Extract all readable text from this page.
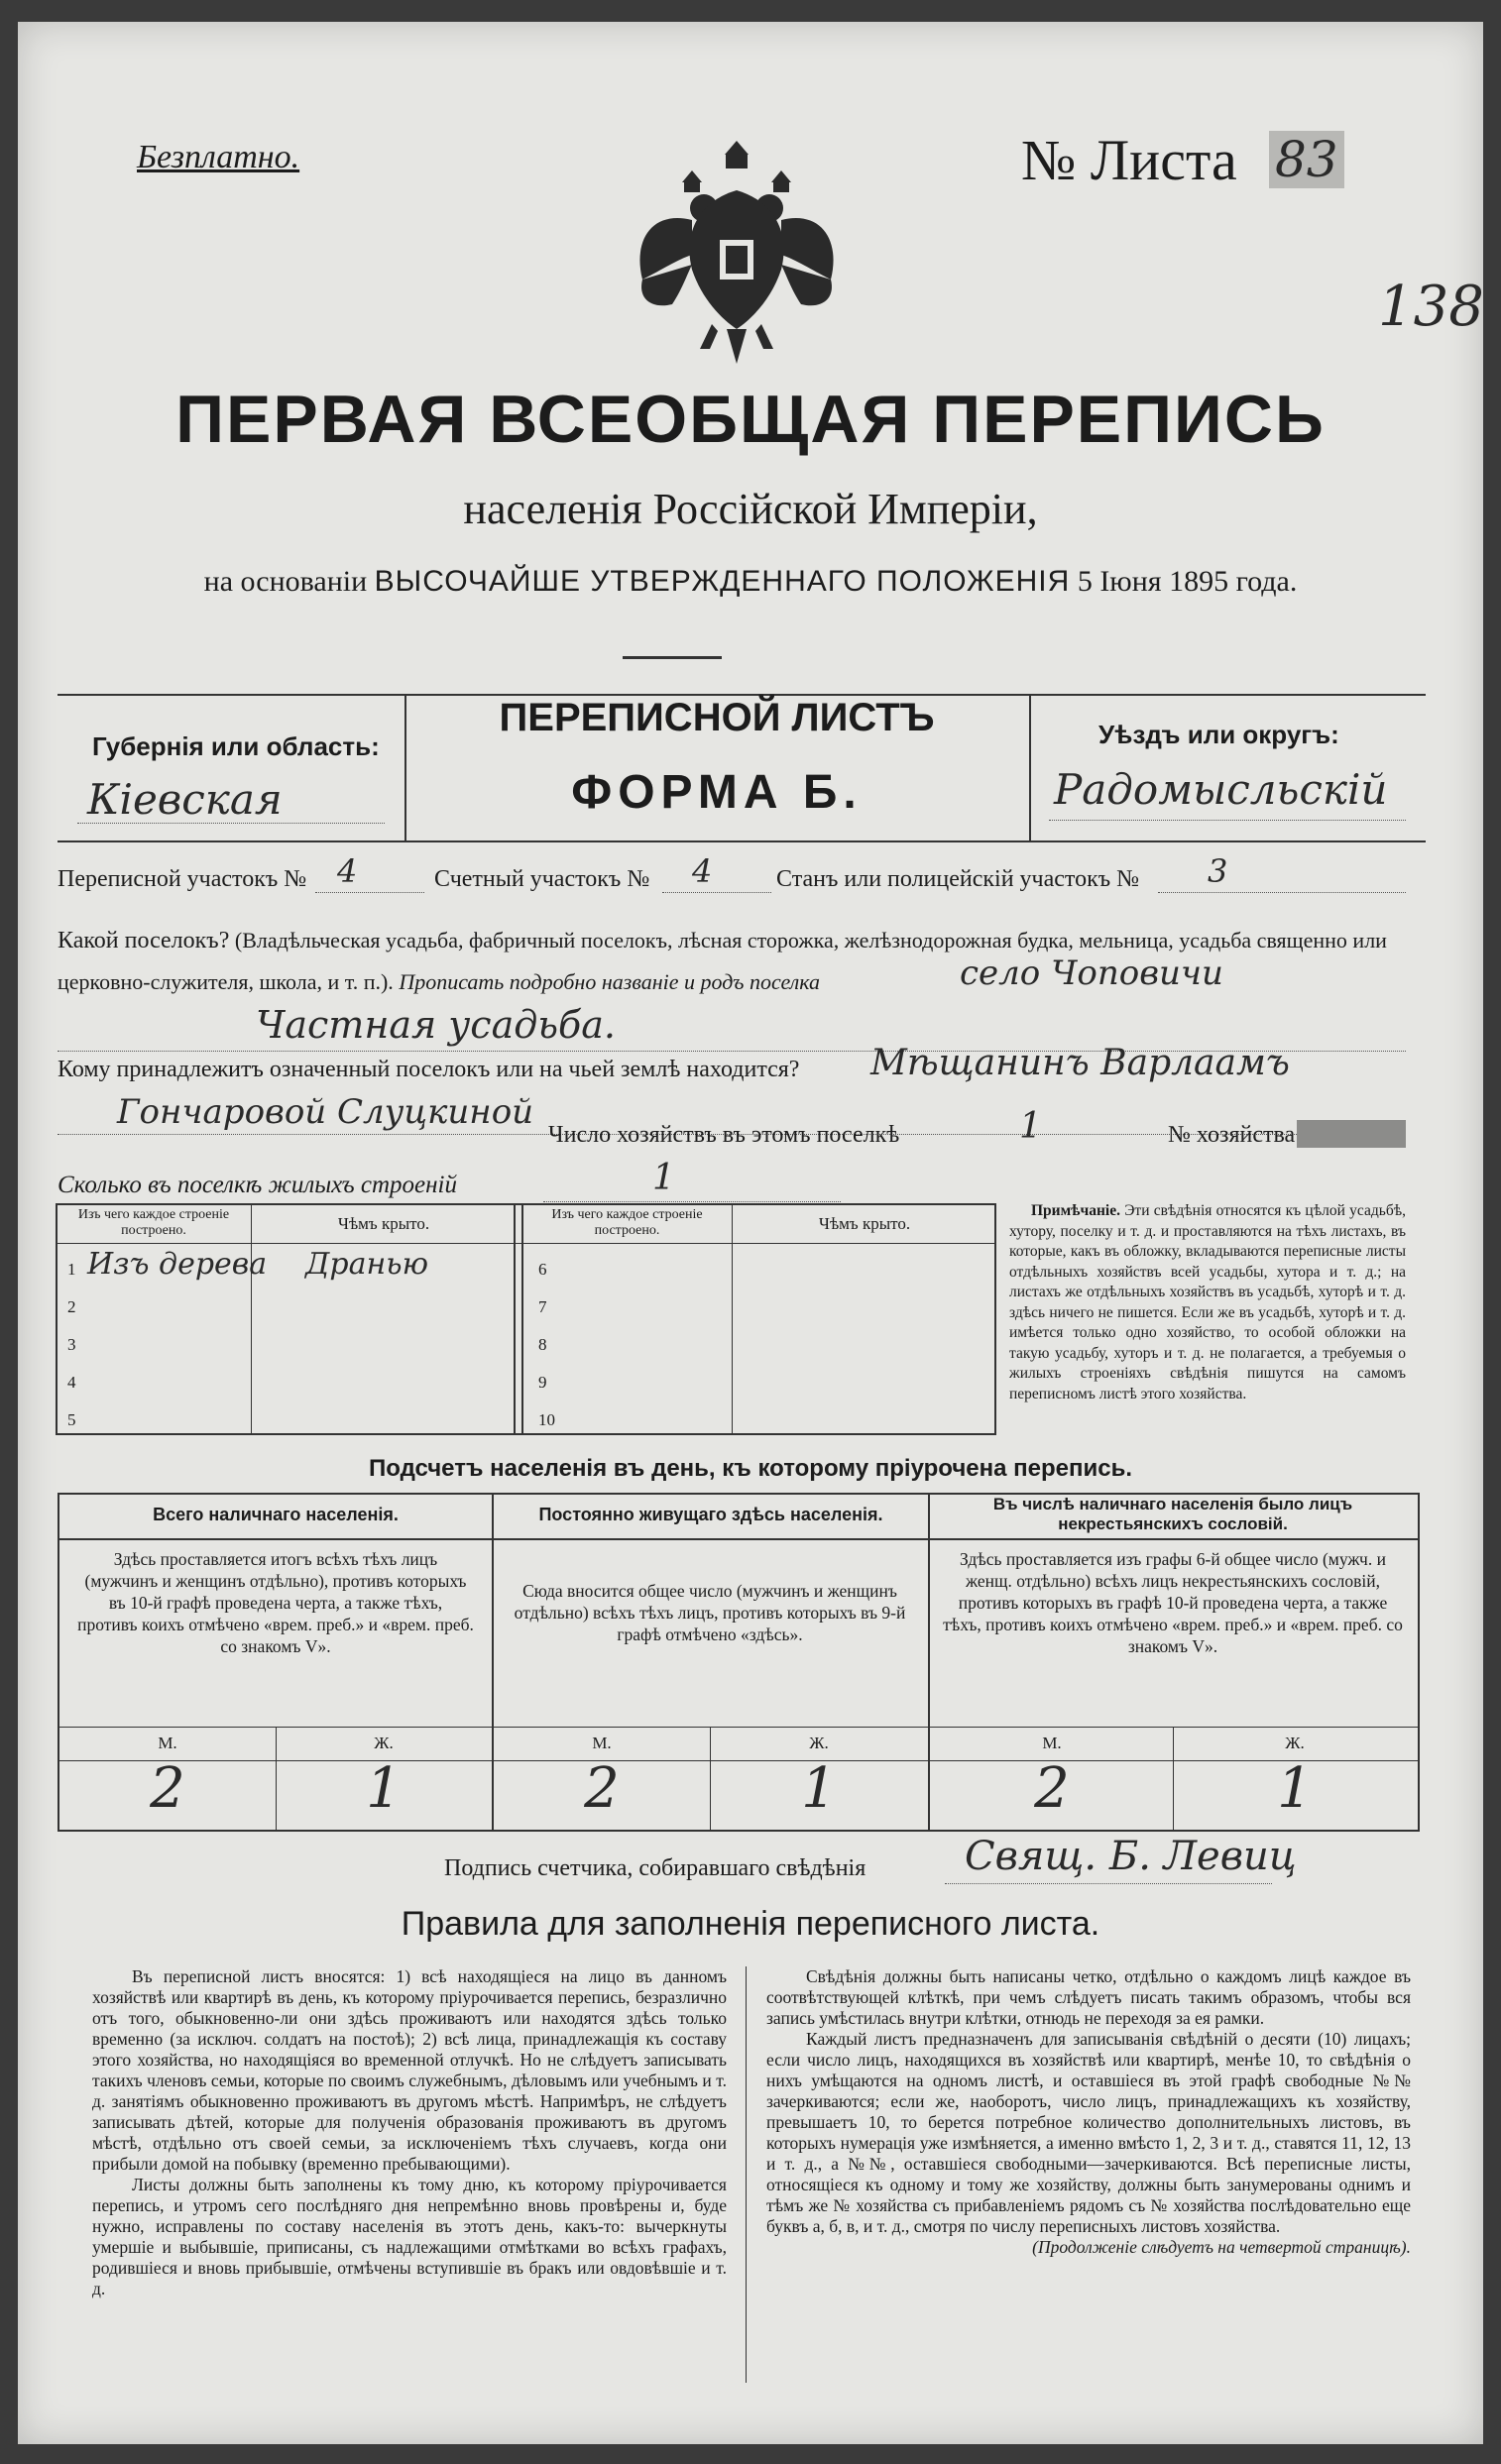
Безплатно.	№ Листа 83
138
ПЕРВАЯ ВСЕОБЩАЯ ПЕРЕПИСЬ
населенія Россійской Имперіи,
на основаніи ВЫСОЧАЙШЕ УТВЕРЖДЕННАГО ПОЛОЖЕНІЯ 5 Іюня 1895 года.
Губернія или область:
Кіевская
ПЕРЕПИСНОЙ ЛИСТЪ
ФОРМА Б.
Уѣздъ или округъ:
Радомысльскій
Переписной участокъ № 4	Счетный участокъ № 4	Станъ или полицейскій участокъ № 3
Какой поселокъ? (Владѣльческая усадьба, фабричный поселокъ, лѣсная сторожка, желѣзнодорожная будка, мельница, усадьба священно или церковно-служителя, школа, и т. п.). Прописать подробно названіе и родъ поселка	село Чоповичи
Частная усадьба.
Кому принадлежитъ означенный поселокъ или на чьей землѣ находится? Мѣщанинъ Варлаамъ
Гончаровой Слуцкиной
Число хозяйствъ въ этомъ поселкѣ	1	№ хозяйства
Сколько въ поселкѣ жилыхъ строеній	1
Изъ чего каждое строеніе построено.	Чѣмъ крыто.	Изъ чего каждое строеніе построено.	Чѣмъ крыто.
1 Изъ дерева Дранью
2
3
4
5
6
7
8
9
10
Примѣчаніе. Эти свѣдѣнія относятся къ цѣлой усадьбѣ, хутору, поселку и т. д. и проставляются на тѣхъ листахъ, въ которые, какъ въ обложку, вкладываются переписные листы отдѣльныхъ хозяйствъ всей усадьбы, хутора и т. д.; на листахъ же отдѣльныхъ хозяйствъ въ усадьбѣ, хуторѣ и т. д. здѣсь ничего не пишется. Если же въ усадьбѣ, хуторѣ и т. д. имѣется только одно хозяйство, то особой обложки на такую усадьбу, хуторъ и т. д. не полагается, а требуемыя о жилыхъ строеніяхъ свѣдѣнія пишутся на самомъ переписномъ листѣ этого хозяйства.
Подсчетъ населенія въ день, къ которому пріурочена перепись.
Всего наличнаго населенія.
Здѣсь проставляется итогъ всѣхъ тѣхъ лицъ (мужчинъ и женщинъ отдѣльно), противъ которыхъ въ 10-й графѣ проведена черта, а также тѣхъ, противъ коихъ отмѣчено «врем. преб.» и «врем. преб. со знакомъ V».
М.	Ж.
2	1
Постоянно живущаго здѣсь населенія.
Сюда вносится общее число (мужчинъ и женщинъ отдѣльно) всѣхъ тѣхъ лицъ, противъ которыхъ въ 9-й графѣ отмѣчено «здѣсь».
М.	Ж.
2	1
Въ числѣ наличнаго населенія было лицъ некрестьянскихъ сословій.
Здѣсь проставляется изъ графы 6-й общее число (мужч. и женщ. отдѣльно) всѣхъ лицъ некрестьянскихъ сословій, противъ которыхъ въ графѣ 10-й проведена черта, а также тѣхъ, противъ коихъ отмѣчено «врем. преб.» и «врем. преб. со знакомъ V».
М.	Ж.
2	1
Подпись счетчика, собиравшаго свѣдѣнія Свящ. Б. Левиц
Правила для заполненія переписного листа.

Въ переписной листъ вносятся: 1) всѣ находящіеся на лицо въ данномъ хозяйствѣ или квартирѣ въ день, къ которому пріурочивается перепись, безразлично отъ того, обыкновенно-ли они здѣсь проживаютъ или находятся здѣсь только временно (за исключ. солдатъ на постоѣ); 2) всѣ лица, принадлежащія къ составу этого хозяйства, но находящіяся во временной отлучкѣ. Но не слѣдуетъ записывать такихъ членовъ семьи, которые по своимъ служебнымъ, дѣловымъ или учебнымъ и т. д. занятіямъ обыкновенно проживаютъ въ другомъ мѣстѣ. Напримѣръ, не слѣдуетъ записывать дѣтей, которые для полученія образованія проживаютъ въ другомъ мѣстѣ, отдѣльно отъ своей семьи, за исключеніемъ тѣхъ случаевъ, когда они прибыли домой на побывку (временно пребывающими).

Листы должны быть заполнены къ тому дню, къ которому пріурочивается перепись, и утромъ сего послѣдняго дня непремѣнно вновь провѣрены и, буде нужно, исправлены по составу населенія въ этотъ день, какъ-то: вычеркнуты умершіе и выбывшіе, приписаны, съ надлежащими отмѣтками во всѣхъ графахъ, родившіеся и вновь прибывшіе, отмѣчены вступившіе въ бракъ или овдовѣвшіе и т. д.

Свѣдѣнія должны быть написаны четко, отдѣльно о каждомъ лицѣ каждое въ соотвѣтствующей клѣткѣ, при чемъ слѣдуетъ писать такимъ образомъ, чтобы вся запись умѣстилась внутри клѣтки, отнюдь не переходя за ея рамки.

Каждый листъ предназначенъ для записыванія свѣдѣній о десяти (10) лицахъ; если число лицъ, находящихся въ хозяйствѣ или квартирѣ, менѣе 10, то свѣдѣнія о нихъ умѣщаются на одномъ листѣ, и оставшіеся въ этой графѣ свободные №№ зачеркиваются; если же, наоборотъ, число лицъ, принадлежащихъ къ хозяйству, превышаетъ 10, то берется потребное количество дополнительныхъ листовъ, въ которыхъ нумерація уже измѣняется, а именно вмѣсто 1, 2, 3 и т. д., ставятся 11, 12, 13 и т. д., а №№, оставшіеся свободными—зачеркиваются. Всѣ переписные листы, относящіеся къ одному и тому же хозяйству, должны быть занумерованы однимъ и тѣмъ же № хозяйства съ прибавленіемъ рядомъ съ № хозяйства послѣдовательно еще буквъ а, б, в, и т. д., смотря по числу переписныхъ листовъ хозяйства.

(Продолженіе слѣдуетъ на четвертой страницѣ).
